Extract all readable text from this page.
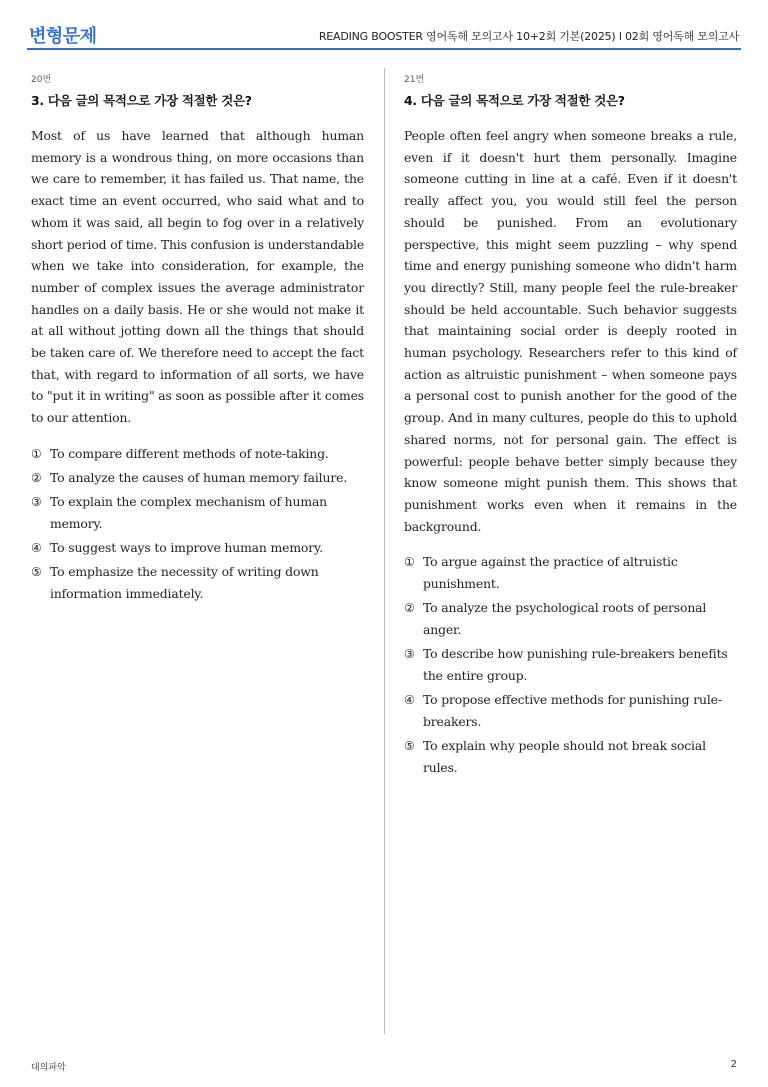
변형문제	READING BOOSTER 영어독해 모의고사 10+2회 기본(2025) l 02회 영어독해 모의고사
20번
3. 다음 글의 목적으로 가장 적절한 것은?

Most of us have learned that although human memory is a wondrous thing, on more occasions than we care to remember, it has failed us. That name, the exact time an event occurred, who said what and to whom it was said, all begin to fog over in a relatively short period of time. This confusion is understandable when we take into consideration, for example, the number of complex issues the average administrator handles on a daily basis. He or she would not make it at all without jotting down all the things that should be taken care of. We therefore need to accept the fact that, with regard to information of all sorts, we have to "put it in writing" as soon as possible after it comes to our attention.

① To compare different methods of note-taking.
② To analyze the causes of human memory failure.
③ To explain the complex mechanism of human memory.
④ To suggest ways to improve human memory.
⑤ To emphasize the necessity of writing down information immediately.
21번
4. 다음 글의 목적으로 가장 적절한 것은?

People often feel angry when someone breaks a rule, even if it doesn't hurt them personally. Imagine someone cutting in line at a café. Even if it doesn't really affect you, you would still feel the person should be punished. From an evolutionary perspective, this might seem puzzling – why spend time and energy punishing someone who didn't harm you directly? Still, many people feel the rule-breaker should be held accountable. Such behavior suggests that maintaining social order is deeply rooted in human psychology. Researchers refer to this kind of action as altruistic punishment – when someone pays a personal cost to punish another for the good of the group. And in many cultures, people do this to uphold shared norms, not for personal gain. The effect is powerful: people behave better simply because they know someone might punish them. This shows that punishment works even when it remains in the background.

① To argue against the practice of altruistic punishment.
② To analyze the psychological roots of personal anger.
③ To describe how punishing rule-breakers benefits the entire group.
④ To propose effective methods for punishing rule-breakers.
⑤ To explain why people should not break social rules.
대의파악	2
